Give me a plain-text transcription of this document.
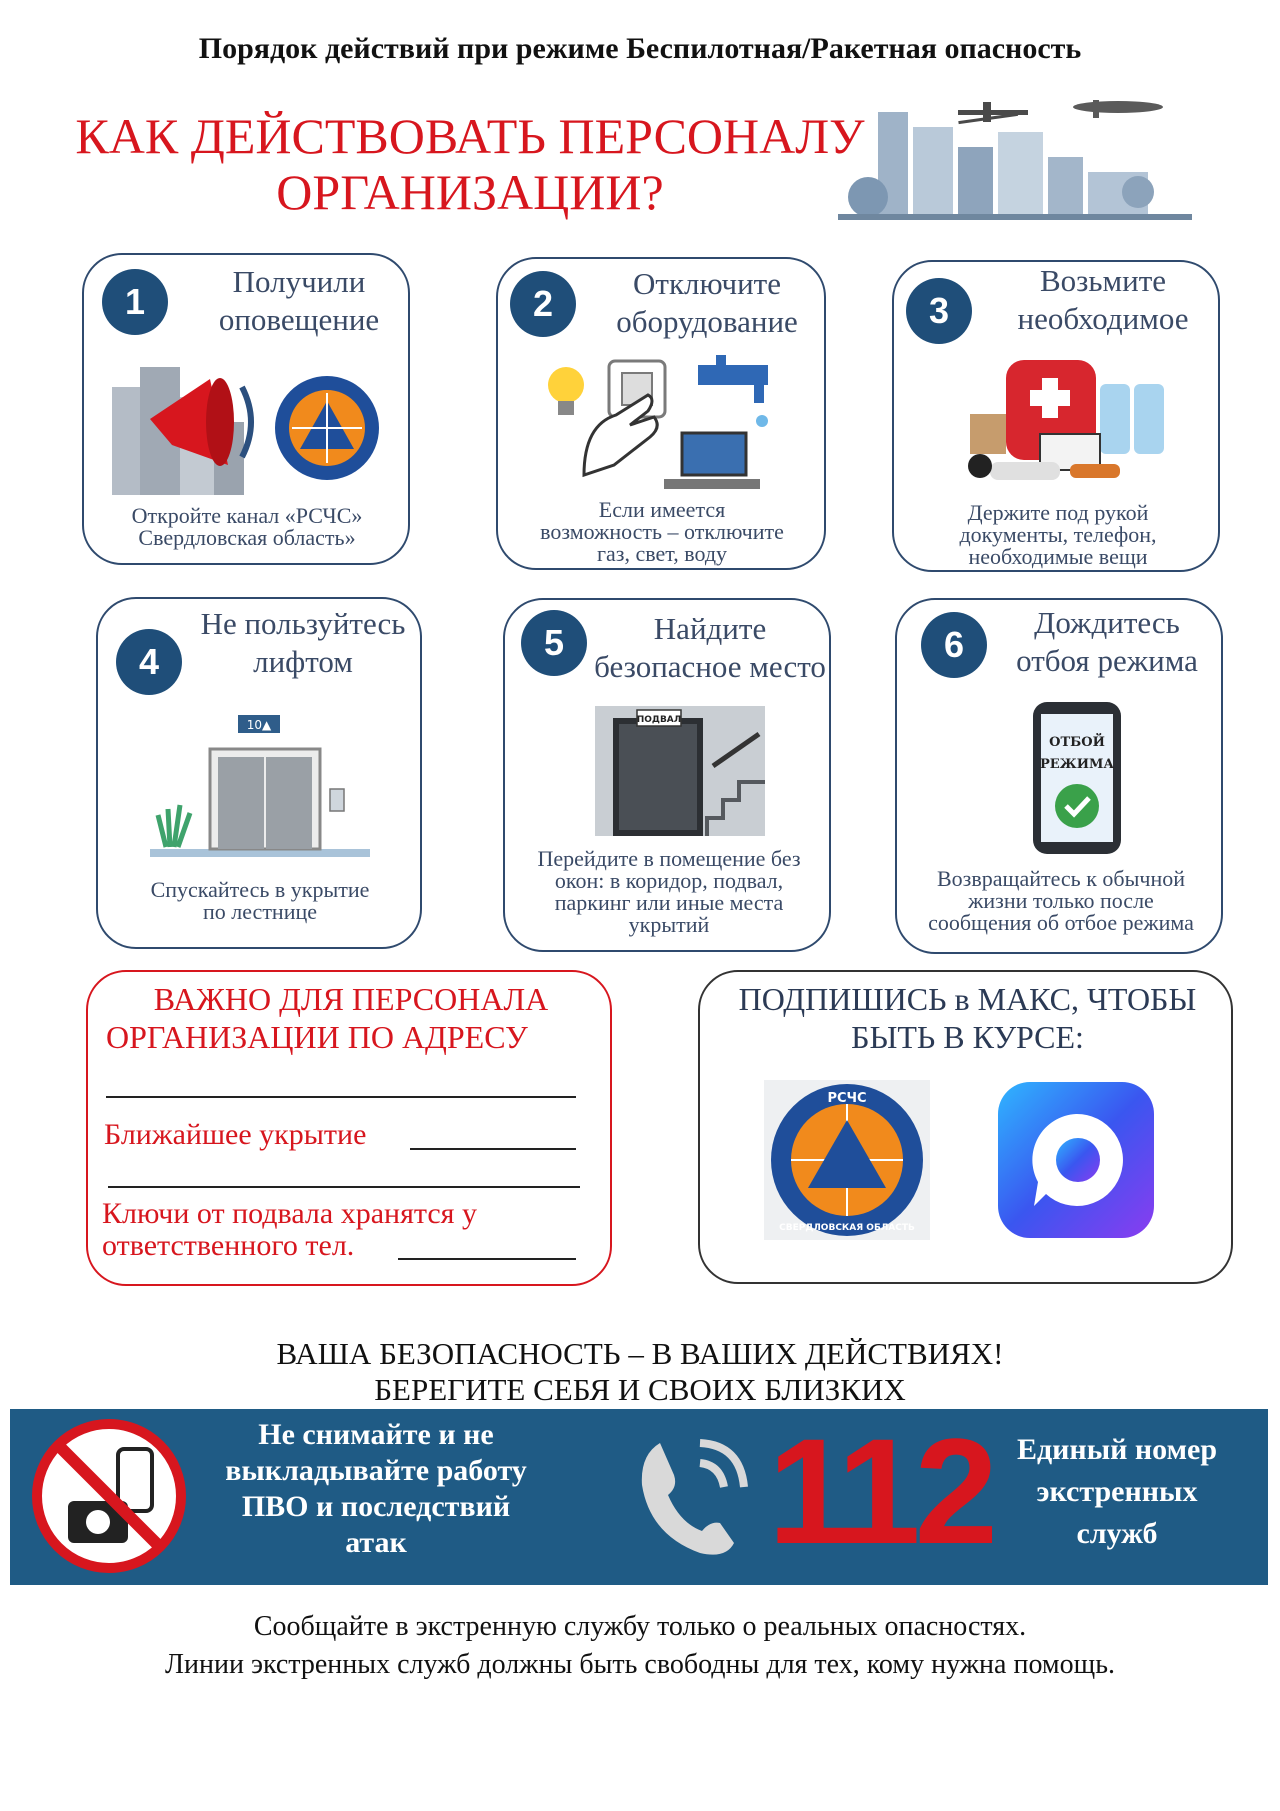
Порядок действий при режиме Беспилотная/Ракетная опасность
КАК ДЕЙСТВОВАТЬ ПЕРСОНАЛУ
ОРГАНИЗАЦИИ?
1	Получили
оповещение
Откройте канал «РСЧС»
Свердловская область»
2	Отключите
оборудование
Если имеется
возможность – отключите
газ, свет, воду
3
Возьмите
необходимое
Держите под рукой
документы, телефон,
необходимые вещи
4
Не пользуйтесь
лифтом
10▲
Спускайтесь в укрытие
по лестнице
5	Найдите
безопасное место
ПОДВАЛ
Перейдите в помещение без
окон: в коридор, подвал,
паркинг или иные места
укрытий
6
Дождитесь
отбоя режима
ОТБОЙ
РЕЖИМА
Возвращайтесь к обычной
жизни только после
сообщения об отбое режима
ВАЖНО ДЛЯ ПЕРСОНАЛА
ОРГАНИЗАЦИИ ПО АДРЕСУ
Ближайшее укрытие
Ключи от подвала хранятся у
ответственного тел.
ПОДПИШИСЬ в МАКС, ЧТОБЫ
БЫТЬ В КУРСЕ:
РСЧС
СВЕРДЛОВСКАЯ ОБЛАСТЬ
ВАША БЕЗОПАСНОСТЬ – В ВАШИХ ДЕЙСТВИЯХ!
БЕРЕГИТЕ СЕБЯ И СВОИХ БЛИЗКИХ
Не снимайте и не
выкладывайте работу
ПВО и последствий
атак	112 Единый номер
экстренных
служб
Сообщайте в экстренную службу только о реальных опасностях.
Линии экстренных служб должны быть свободны для тех, кому нужна помощь.
